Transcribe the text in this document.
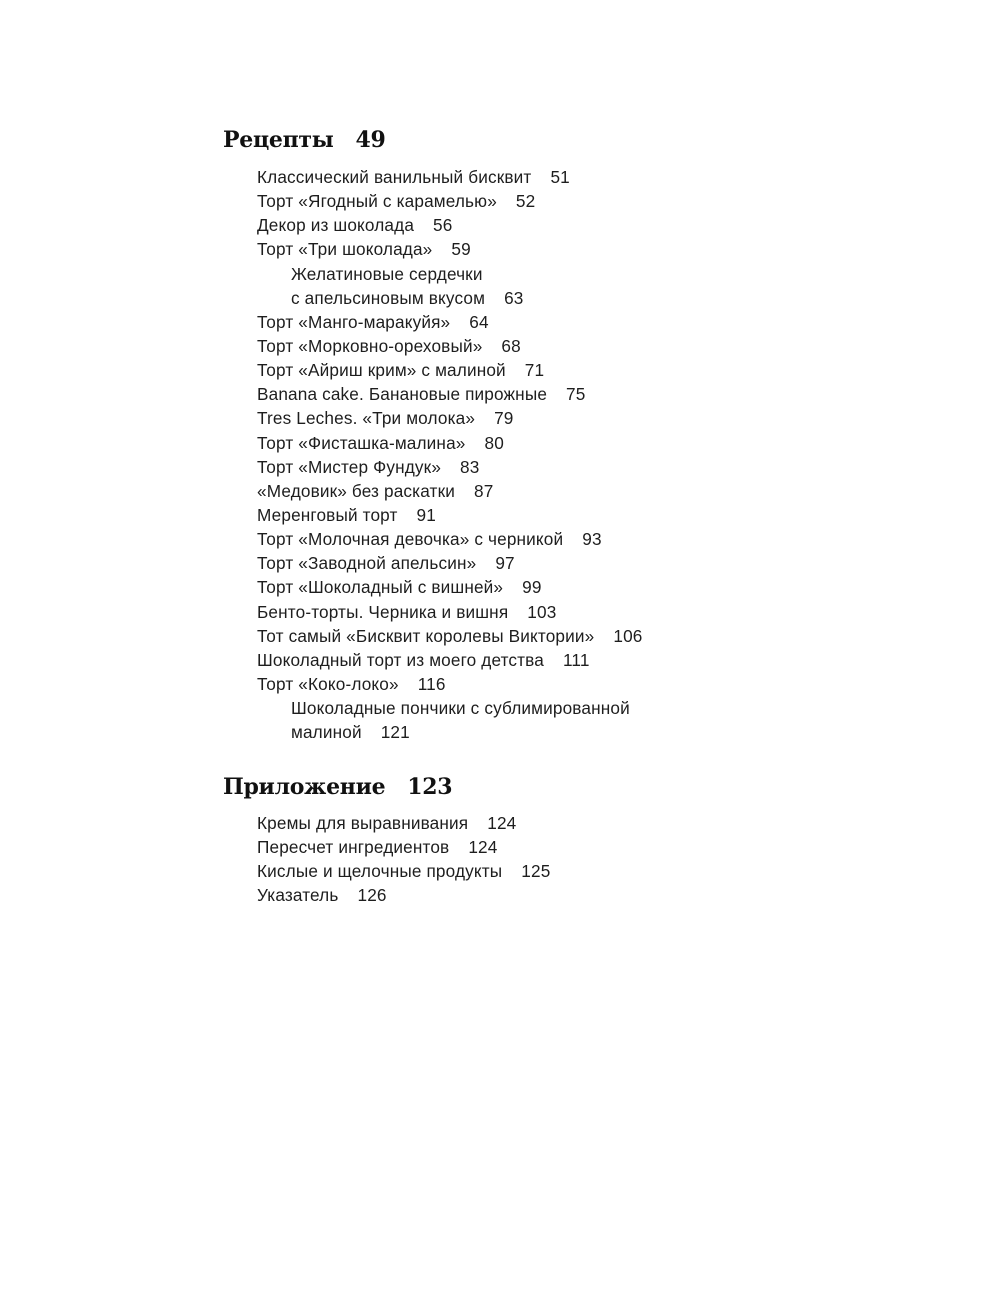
Рецепты 49
Классический ванильный бисквит 51
Торт «Ягодный с карамелью» 52
Декор из шоколада 56
Торт «Три шоколада» 59
Желатиновые сердечки
с апельсиновым вкусом 63
Торт «Манго-маракуйя» 64
Торт «Морковно-ореховый» 68
Торт «Айриш крим» с малиной 71
Banana cake. Банановые пирожные 75
Tres Leches. «Три молока» 79
Торт «Фисташка-малина» 80
Торт «Мистер Фундук» 83
«Медовик» без раскатки 87
Меренговый торт 91
Торт «Молочная девочка» с черникой 93
Торт «Заводной апельсин» 97
Торт «Шоколадный с вишней» 99
Бенто-торты. Черника и вишня 103
Тот самый «Бисквит королевы Виктории» 106
Шоколадный торт из моего детства 111
Торт «Коко-локо» 116
Шоколадные пончики с сублимированной
малиной 121
Приложение 123
Кремы для выравнивания 124
Пересчет ингредиентов 124
Кислые и щелочные продукты 125
Указатель 126
